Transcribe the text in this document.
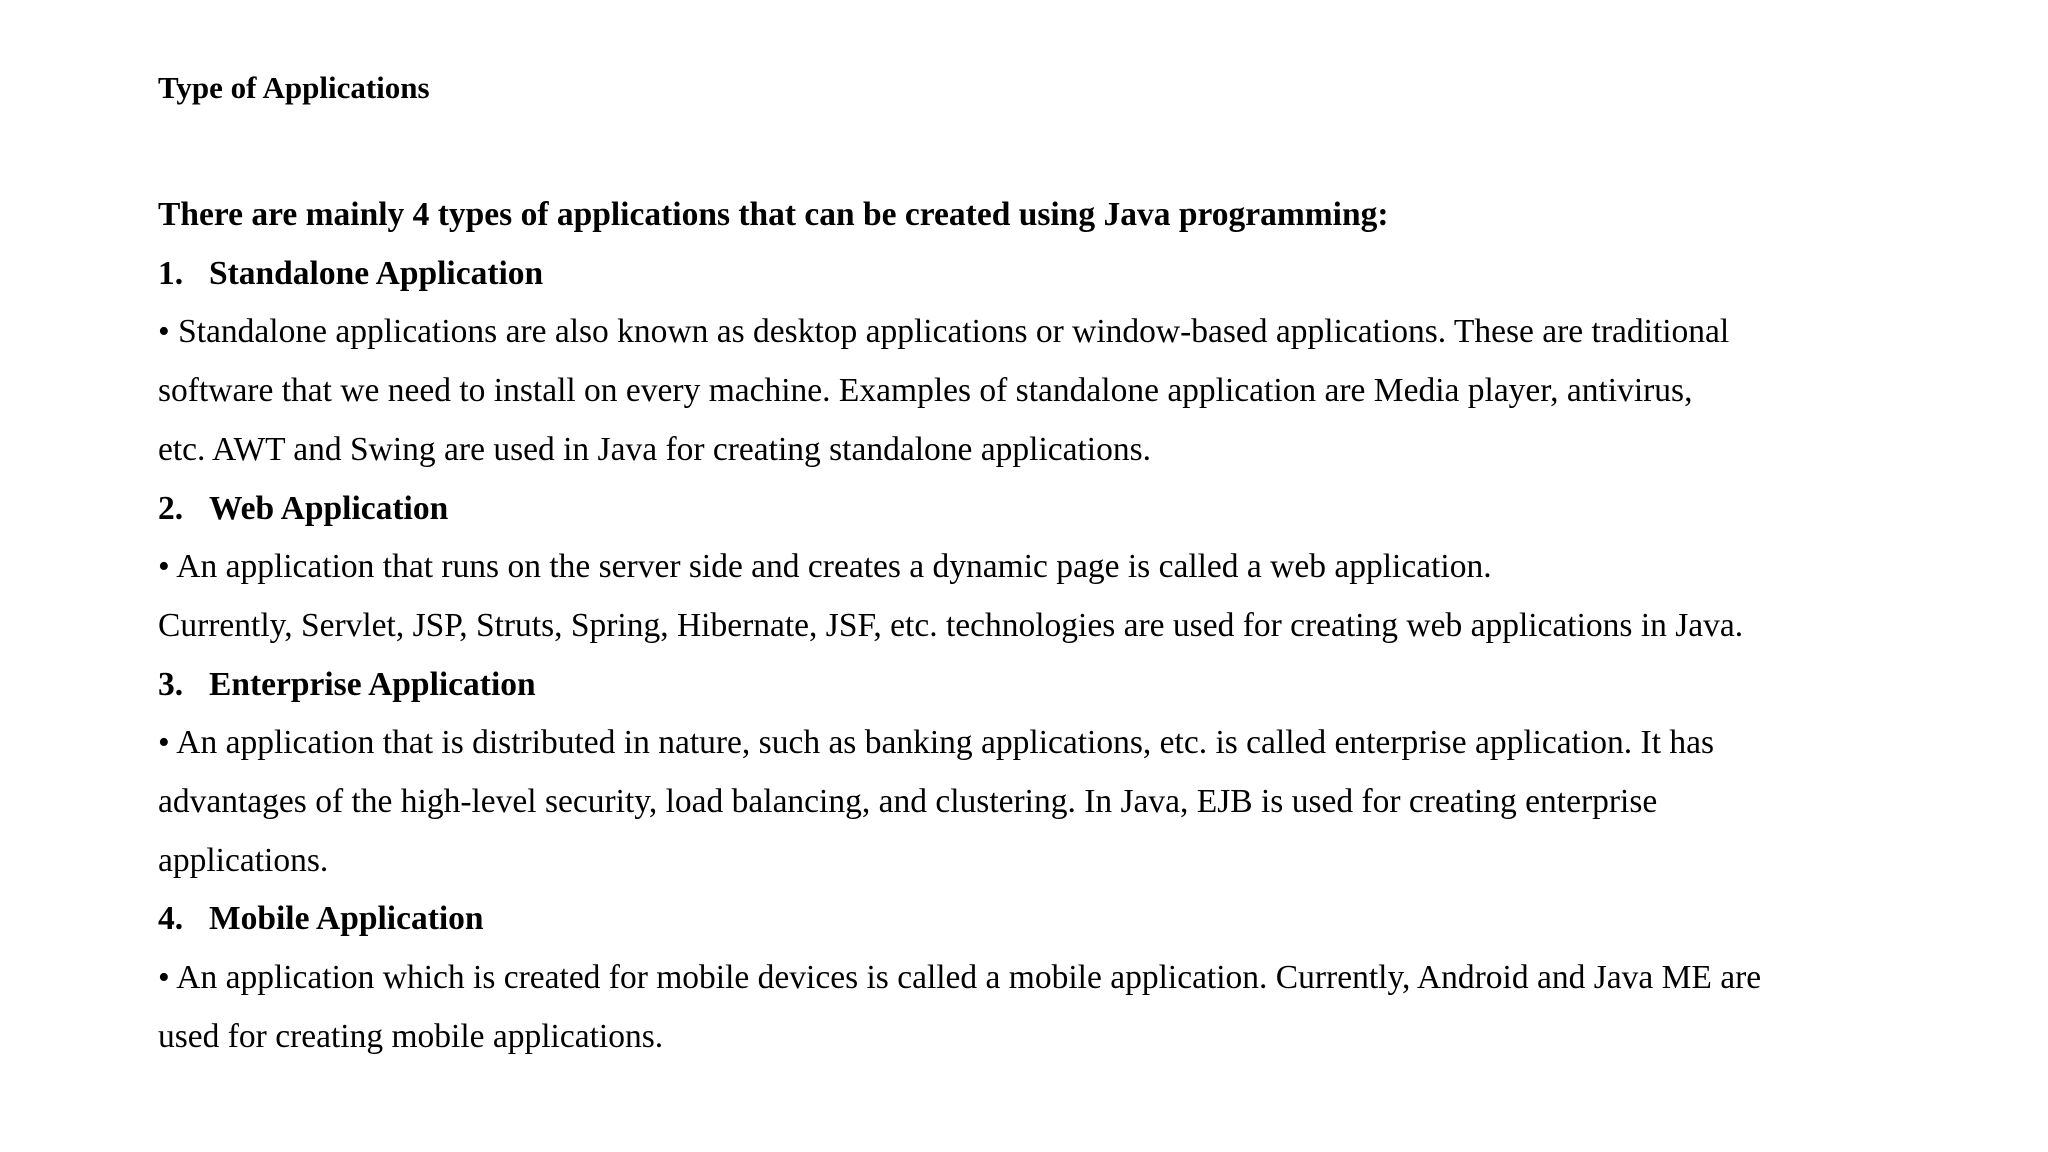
Type of Applications

There are mainly 4 types of applications that can be created using Java programming:

1. Standalone Application

• Standalone applications are also known as desktop applications or window-based applications. These are traditional

software that we need to install on every machine. Examples of standalone application are Media player, antivirus,

etc. AWT and Swing are used in Java for creating standalone applications.

2. Web Application

• An application that runs on the server side and creates a dynamic page is called a web application.

Currently, Servlet, JSP, Struts, Spring, Hibernate, JSF, etc. technologies are used for creating web applications in Java.

3. Enterprise Application

• An application that is distributed in nature, such as banking applications, etc. is called enterprise application. It has

advantages of the high-level security, load balancing, and clustering. In Java, EJB is used for creating enterprise

applications.

4. Mobile Application

• An application which is created for mobile devices is called a mobile application. Currently, Android and Java ME are

used for creating mobile applications.
